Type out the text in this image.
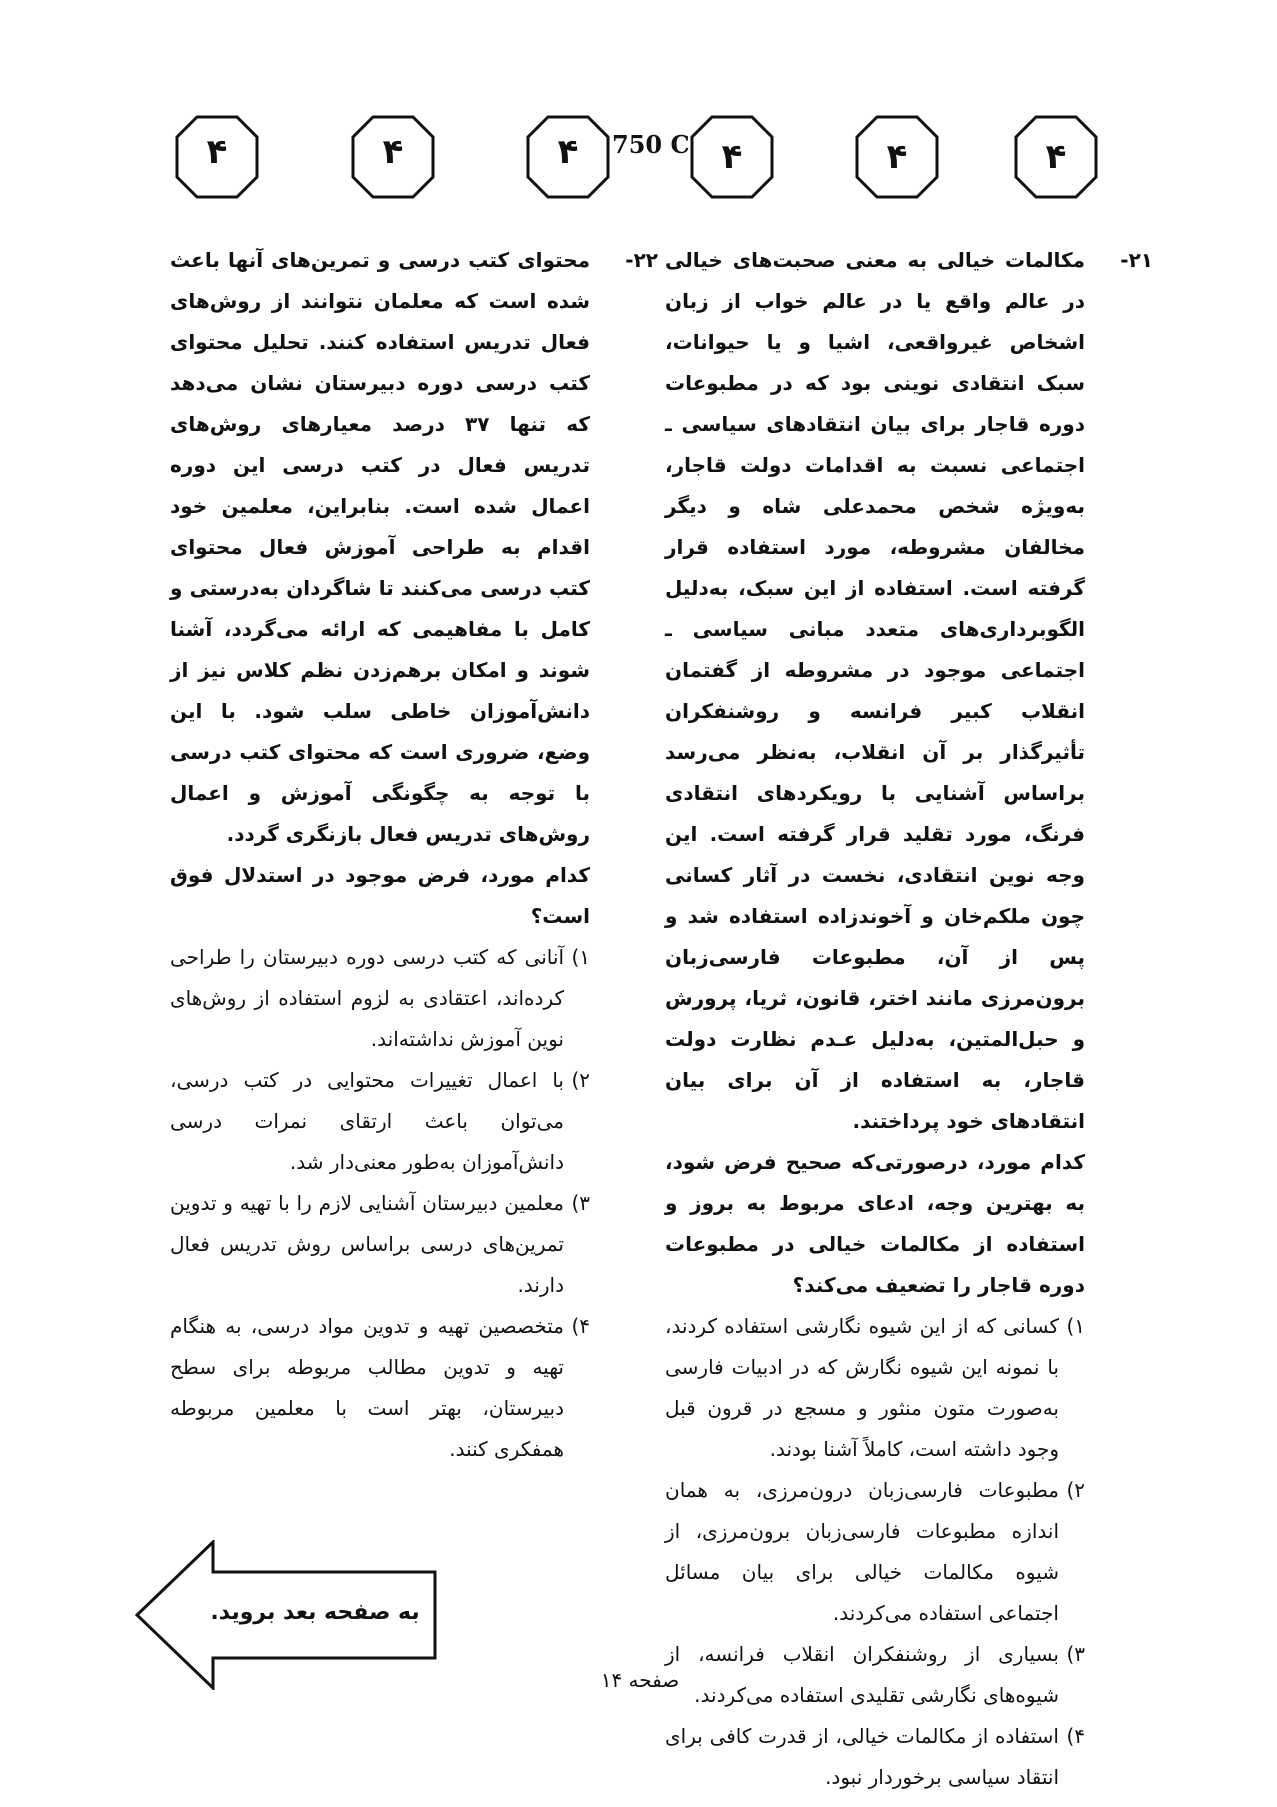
۴	۴	۴	750 C ۴	۴	۴
۲۱-
مکالمات خیالی به معنی صحبت‌های خیالی در عالم واقع یا در عالم خواب از زبان اشخاص غیرواقعی، اشیا و یا حیوانات، سبک انتقادی نوینی بود که در مطبوعات دوره قاجار برای بیان انتقادهای سیاسی ـ اجتماعی نسبت به اقدامات دولت قاجار، به‌ویژه شخص محمدعلی شاه و دیگر مخالفان مشروطه، مورد استفاده قرار گرفته است. استفاده از این سبک، به‌دلیل الگوبرداری‌های متعدد مبانی سیاسی ـ اجتماعی موجود در مشروطه از گفتمان انقلاب کبیر فرانسه و روشنفکران تأثیرگذار بر آن انقلاب، به‌نظر می‌رسد براساس آشنایی با رویکردهای انتقادی فرنگ، مورد تقلید قرار گرفته است. این وجه نوین انتقادی، نخست در آثار کسانی چون ملکم‌خان و آخوندزاده استفاده شد و پس از آن، مطبوعات فارسی‌زبان برون‌مرزی مانند اختر، قانون، ثریا، پرورش و حبل‌المتین، به‌دلیل عـدم نظارت دولت قاجار، به استفاده از آن برای بیان انتقادهای خود پرداختند.
کدام مورد، درصورتی‌که صحیح فرض شود، به بهترین وجه، ادعای مربوط به بروز و استفاده از مکالمات خیالی در مطبوعات دوره قاجار را تضعیف می‌کند؟
۱)
کسانی که از این شیوه نگارشی استفاده کردند، با نمونه این شیوه نگارش که در ادبیات فارسی به‌صورت متون منثور و مسجع در قرون قبل وجود داشته است، کاملاً آشنا بودند.
۲)
مطبوعات فارسی‌زبان درون‌مرزی، به همان اندازه مطبوعات فارسی‌زبان برون‌مرزی، از شیوه مکالمات خیالی برای بیان مسائل اجتماعی استفاده می‌کردند.
۳)
بسیاری از روشنفکران انقلاب فرانسه، از شیوه‌های نگارشی تقلیدی استفاده می‌کردند.
۴)
استفاده از مکالمات خیالی، از قدرت کافی برای انتقاد سیاسی برخوردار نبود.
۲۲-
محتوای کتب درسی و تمرین‌های آنها باعث شده است که معلمان نتوانند از روش‌های فعال تدریس استفاده کنند. تحلیل محتوای کتب درسی دوره دبیرستان نشان می‌دهد که تنها ۳۷ درصد معیارهای روش‌های تدریس فعال در کتب درسی این دوره اعمال شده است. بنابراین، معلمین خود اقدام به طراحی آموزش فعال محتوای کتب درسی می‌کنند تا شاگردان به‌درستی و کامل با مفاهیمی که ارائه می‌گردد، آشنا شوند و امکان برهم‌زدن نظم کلاس نیز از دانش‌آموزان خاطی سلب شود. با این وضع، ضروری است که محتوای کتب درسی با توجه به چگونگی آموزش و اعمال روش‌های تدریس فعال بازنگری گردد.
کدام مورد، فرض موجود در استدلال فوق است؟
۱)
آنانی که کتب درسی دوره دبیرستان را طراحی کرده‌اند، اعتقادی به لزوم استفاده از روش‌های نوین آموزش نداشته‌اند.
۲)
با اعمال تغییرات محتوایی در کتب درسی، می‌توان باعث ارتقای نمرات درسی دانش‌آموزان به‌طور معنی‌دار شد.
۳)
معلمین دبیرستان آشنایی لازم را با تهیه و تدوین تمرین‌های درسی براساس روش تدریس فعال دارند.
۴)
متخصصین تهیه و تدوین مواد درسی، به هنگام تهیه و تدوین مطالب مربوطه برای سطح دبیرستان، بهتر است با معلمین مربوطه همفکری کنند.
به صفحه بعد بروید.
صفحه ۱۴
